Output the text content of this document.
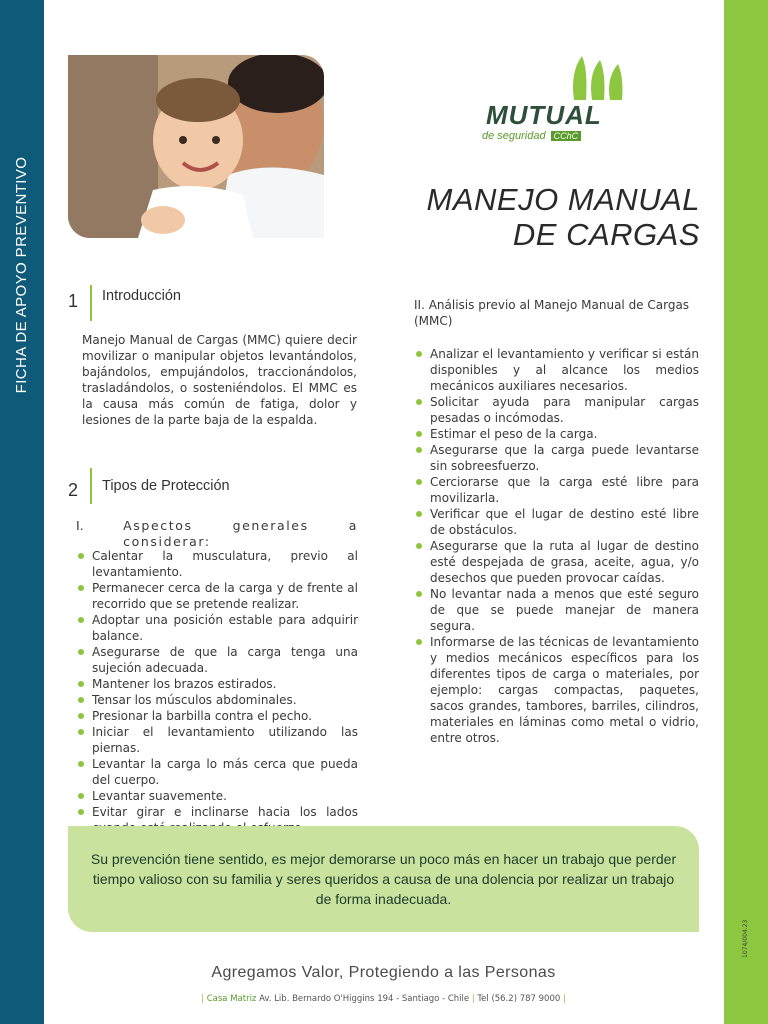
FICHA DE APOYO PREVENTIVO
MUTUAL
de seguridad CChC
MANEJO MANUAL
DE CARGAS
1	Introducción
Manejo Manual de Cargas (MMC) quiere decir movilizar o manipular objetos levantándolos, bajándolos, empujándolos, traccionándolos, trasladándolos, o sosteniéndolos. El MMC es la causa más común de fatiga, dolor y lesiones de la parte baja de la espalda.
2	Tipos de Protección
I.	Aspectos generales a considerar:
Calentar la musculatura, previo al levantamiento.
Permanecer cerca de la carga y de frente al recorrido que se pretende realizar.
Adoptar una posición estable para adquirir balance.
Asegurarse de que la carga tenga una sujeción adecuada.
Mantener los brazos estirados.
Tensar los músculos abdominales.
Presionar la barbilla contra el pecho.
Iniciar el levantamiento utilizando las piernas.
Levantar la carga lo más cerca que pueda del cuerpo.
Levantar suavemente.
Evitar girar e inclinarse hacia los lados
II. Análisis previo al Manejo Manual de Cargas (MMC)
Analizar el levantamiento y verificar si están disponibles y al alcance los medios mecánicos auxiliares necesarios.
Solicitar ayuda para manipular cargas pesadas o incómodas.
Estimar el peso de la carga.
Asegurarse que la carga puede levantarse sin sobreesfuerzo.
Cerciorarse que la carga esté libre para movilizarla.
Verificar que el lugar de destino esté libre de obstáculos.
Asegurarse que la ruta al lugar de destino esté despejada de grasa, aceite, agua, y/o desechos que pueden provocar caídas.
No levantar nada a menos que esté seguro de que se puede manejar de manera segura.
Informarse de las técnicas de levantamiento y medios mecánicos específicos para los diferentes tipos de carga o materiales, por ejemplo: cargas compactas, paquetes, sacos grandes, tambores, barriles, cilindros, materiales en láminas como metal o vidrio, entre otros.
Su prevención tiene sentido, es mejor demorarse un poco más en hacer un trabajo que perder tiempo valioso con su familia y seres queridos a causa de una dolencia por realizar un trabajo de forma inadecuada.
Agregamos Valor, Protegiendo a las Personas
| Casa Matriz Av. Lib. Bernardo O'Higgins 194 - Santiago - Chile | Tel (56.2) 787 9000 |
1074/004.23
